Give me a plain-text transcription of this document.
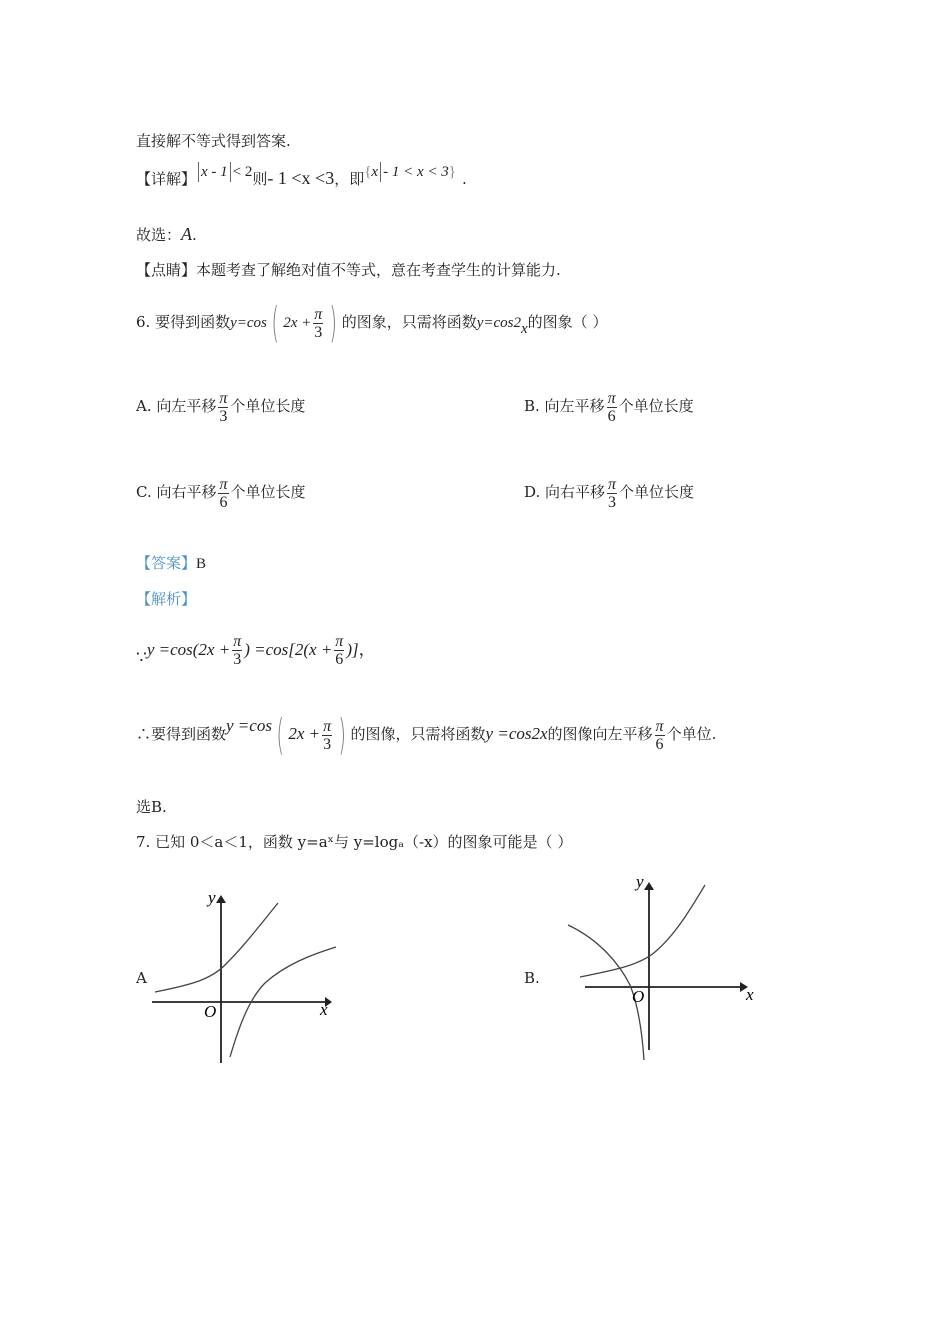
直接解不等式得到答案.
【详解】 x - 1 < 2则- 1 <x <3，即{x - 1 < x < 3} .
故选：A.
【点睛】本题考查了解绝对值不等式，意在考查学生的计算能力.
6. 要得到函数y=cos ( $2x + \frac{\pi}{3}$ ) 的图象，只需将函数y=cos2x的图象（ ）
A. 向左平移 $\frac{\pi}{3}$ 个单位长度	B. 向左平移 $\frac{\pi}{6}$ 个单位长度
C. 向右平移 $\frac{\pi}{6}$ 个单位长度	D. 向右平移 $\frac{\pi}{3}$ 个单位长度
【答案】B
【解析】
∵y $=\cos(2x + \frac{\pi}{3}$ ) $=\cos[2(x + \frac{\pi}{6}$ )]，
∴要得到函数y =cos ( $2x + \frac{\pi}{3}$ ) 的图像，只需将函数y =cos2x的图像向左平移 $\frac{\pi}{6}$ 个单位.
选B.
7. 已知 0＜a＜1，函数 y=aˣ与 y=logₐ（-x）的图象可能是（ ）
A	B.
y
x
O
y
x
O
